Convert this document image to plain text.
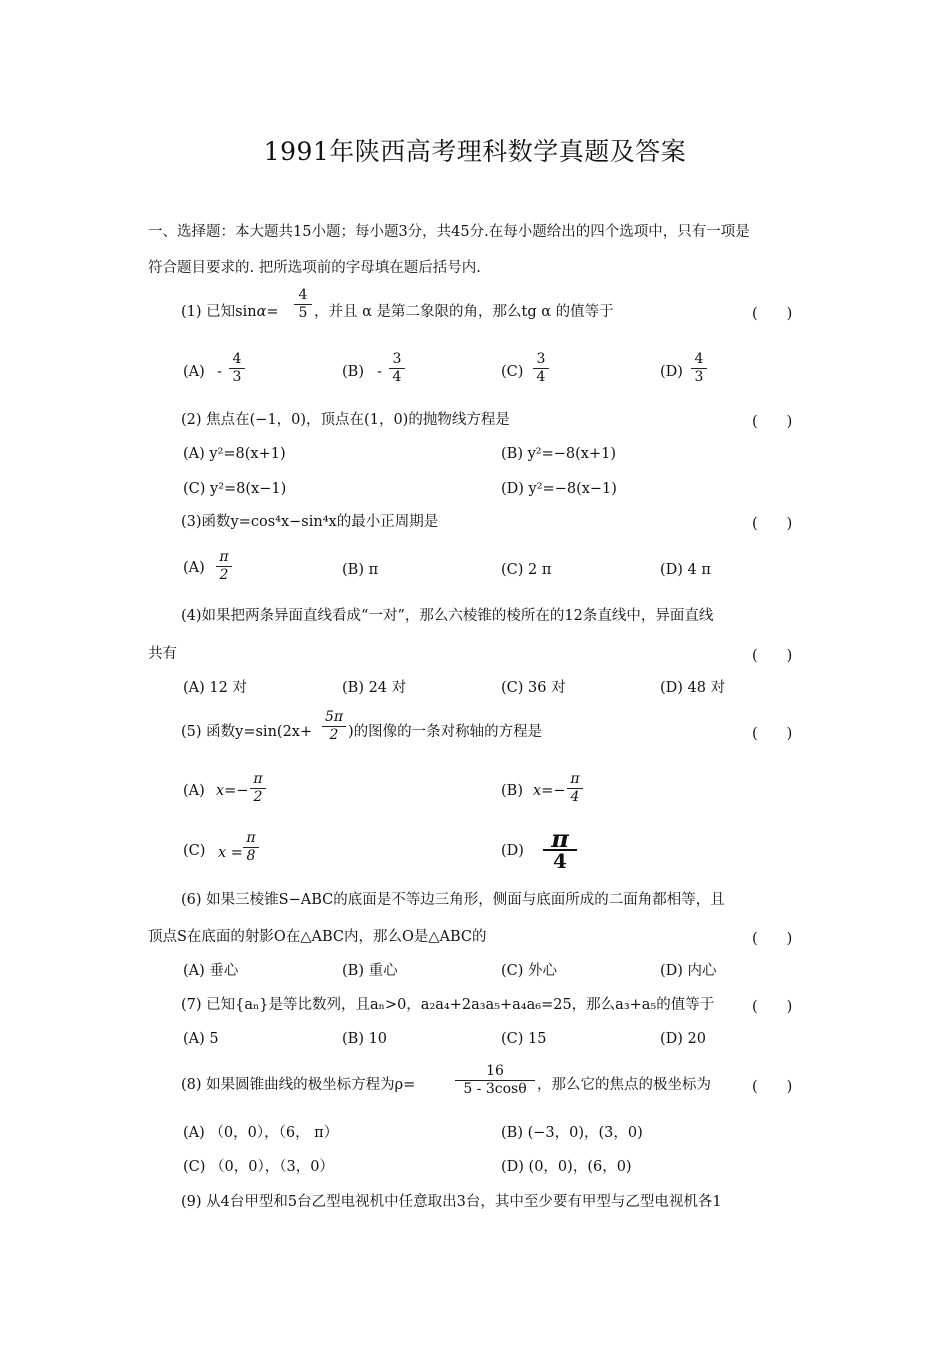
1991年陕西高考理科数学真题及答案
一、选择题：本大题共15小题；每小题3分，共45分.在每小题给出的四个选项中，只有一项是
符合题目要求的. 把所选项前的字母填在题后括号内.
(1) 已知sinα=
4
5 ，并且 α 是第二象限的角，那么tg α 的值等于	(　　)
(A) -
4
3	(B) -
3
4	(C)
3
4	(D)
4
3
(2) 焦点在(−1，0)，顶点在(1，0)的抛物线方程是	(　　)
(A) y²=8(x+1)	(B) y²=−8(x+1)
(C) y²=8(x−1)	(D) y²=−8(x−1)
(3)函数y=cos⁴x−sin⁴x的最小正周期是	(　　)
(A)
π
2	(B) π	(C) 2 π	(D) 4 π
(4)如果把两条异面直线看成“一对”，那么六棱锥的棱所在的12条直线中，异面直线
共有	(　　)
(A) 12 对	(B) 24 对	(C) 36 对	(D) 48 对
(5) 函数y=sin(2x+
5π
2 )的图像的一条对称轴的方程是	(　　)
(A) x=−
π
2	(B) x=−
π
4
(C) x =
π
8	(D)	π
4
(6) 如果三棱锥S−ABC的底面是不等边三角形，侧面与底面所成的二面角都相等，且
顶点S在底面的射影O在△ABC内，那么O是△ABC的	(　　)
(A) 垂心	(B) 重心	(C) 外心	(D) 内心
(7) 已知{aₙ}是等比数列，且aₙ>0，a₂a₄+2a₃a₅+a₄a₆=25，那么a₃+a₅的值等于	(　　)
(A) 5	(B) 10	(C) 15	(D) 20
(8) 如果圆锥曲线的极坐标方程为ρ=
16
5 - 3cosθ ，那么它的焦点的极坐标为	(　　)
(A) （0，0），（6， π）	(B) (−3，0)，(3，0)
(C) （0，0），（3，0）	(D) (0，0)，(6，0)
(9) 从4台甲型和5台乙型电视机中任意取出3台，其中至少要有甲型与乙型电视机各1
